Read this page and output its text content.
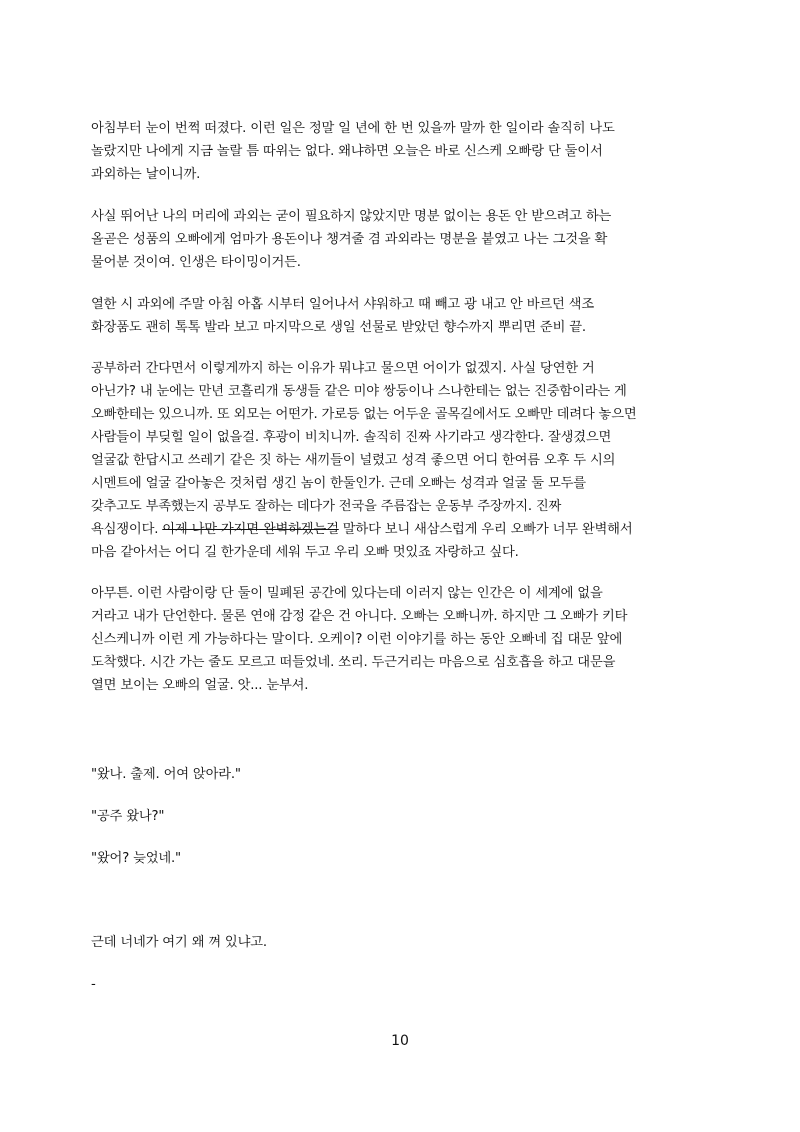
아침부터 눈이 번쩍 떠졌다. 이런 일은 정말 일 년에 한 번 있을까 말까 한 일이라 솔직히 나도
놀랐지만 나에게 지금 놀랄 틈 따위는 없다. 왜냐하면 오늘은 바로 신스케 오빠랑 단 둘이서
과외하는 날이니까.
사실 뛰어난 나의 머리에 과외는 굳이 필요하지 않았지만 명분 없이는 용돈 안 받으려고 하는
올곧은 성품의 오빠에게 엄마가 용돈이나 챙겨줄 겸 과외라는 명분을 붙였고 나는 그것을 확
물어분 것이여. 인생은 타이밍이거든.
열한 시 과외에 주말 아침 아홉 시부터 일어나서 샤워하고 때 빼고 광 내고 안 바르던 색조
화장품도 괜히 톡톡 발라 보고 마지막으로 생일 선물로 받았던 향수까지 뿌리면 준비 끝.
공부하러 간다면서 이렇게까지 하는 이유가 뭐냐고 물으면 어이가 없겠지. 사실 당연한 거
아닌가? 내 눈에는 만년 코흘리개 동생들 같은 미야 쌍둥이나 스나한테는 없는 진중함이라는 게
오빠한테는 있으니까. 또 외모는 어떤가. 가로등 없는 어두운 골목길에서도 오빠만 데려다 놓으면
사람들이 부딪힐 일이 없을걸. 후광이 비치니까. 솔직히 진짜 사기라고 생각한다. 잘생겼으면
얼굴값 한답시고 쓰레기 같은 짓 하는 새끼들이 널렸고 성격 좋으면 어디 한여름 오후 두 시의
시멘트에 얼굴 갈아놓은 것처럼 생긴 놈이 한둘인가. 근데 오빠는 성격과 얼굴 둘 모두를
갖추고도 부족했는지 공부도 잘하는 데다가 전국을 주름잡는 운동부 주장까지. 진짜
욕심쟁이다. 이제 나만 가지면 완벽하겠는걸 말하다 보니 새삼스럽게 우리 오빠가 너무 완벽해서
마음 같아서는 어디 길 한가운데 세워 두고 우리 오빠 멋있죠 자랑하고 싶다.
아무튼. 이런 사람이랑 단 둘이 밀폐된 공간에 있다는데 이러지 않는 인간은 이 세계에 없을
거라고 내가 단언한다. 물론 연애 감정 같은 건 아니다. 오빠는 오빠니까. 하지만 그 오빠가 키타
신스케니까 이런 게 가능하다는 말이다. 오케이? 이런 이야기를 하는 동안 오빠네 집 대문 앞에
도착했다. 시간 가는 줄도 모르고 떠들었네. 쏘리. 두근거리는 마음으로 심호흡을 하고 대문을
열면 보이는 오빠의 얼굴. 앗... 눈부셔.
"왔나. 출제. 어여 앉아라."
"공주 왔나?"
"왔어? 늦었네."
근데 너네가 여기 왜 껴 있냐고.
-
10
